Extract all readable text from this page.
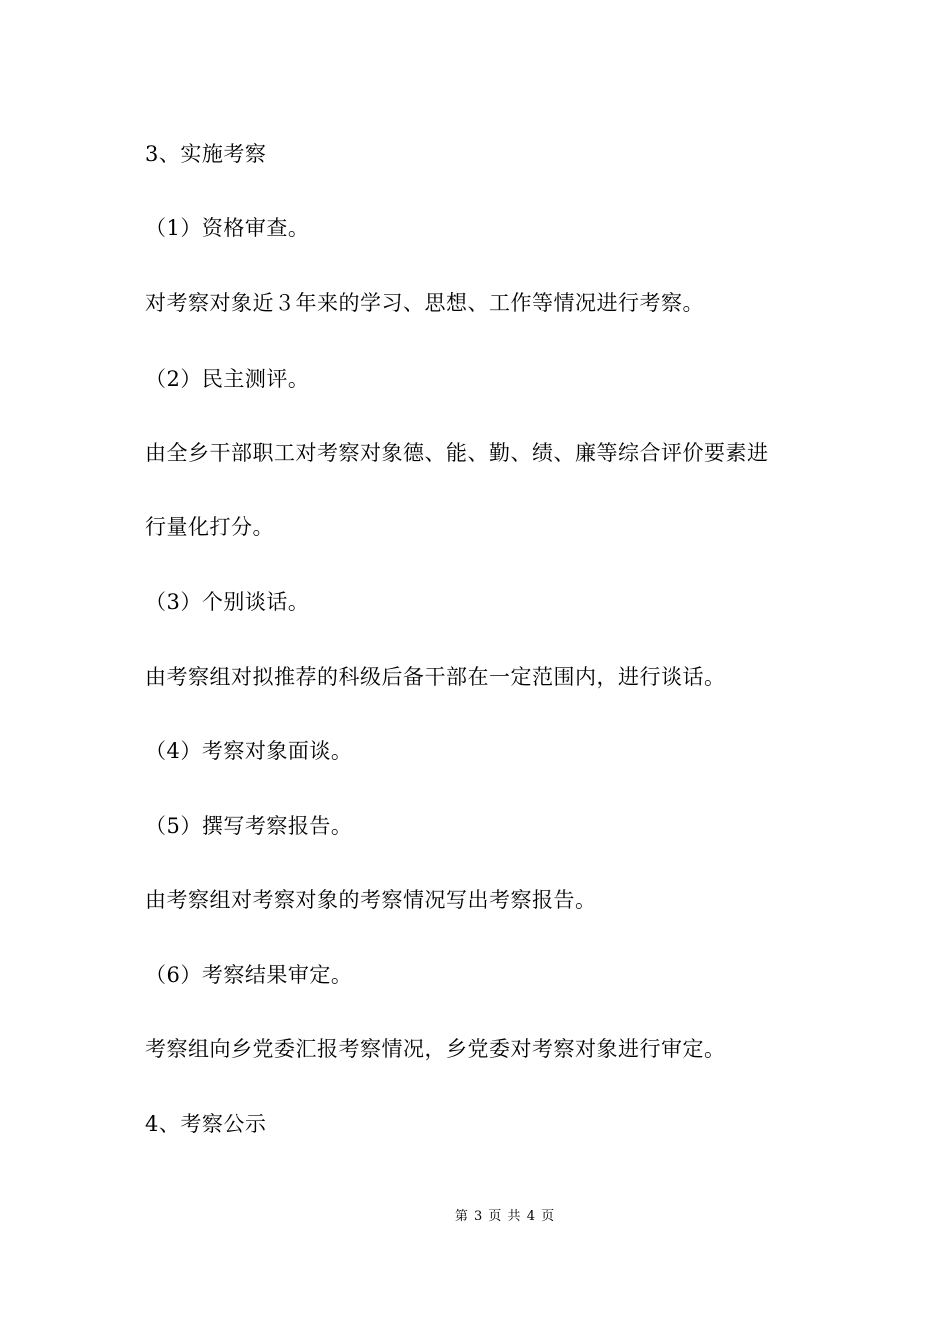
3、实施考察

（1）资格审查。

对考察对象近３年来的学习、思想、工作等情况进行考察。

（2）民主测评。

由全乡干部职工对考察对象德、能、勤、绩、廉等综合评价要素进

行量化打分。

（3）个别谈话。

由考察组对拟推荐的科级后备干部在一定范围内，进行谈话。

（4）考察对象面谈。

（5）撰写考察报告。

由考察组对考察对象的考察情况写出考察报告。

（6）考察结果审定。

考察组向乡党委汇报考察情况，乡党委对考察对象进行审定。

4、考察公示

第 3 页 共 4 页
